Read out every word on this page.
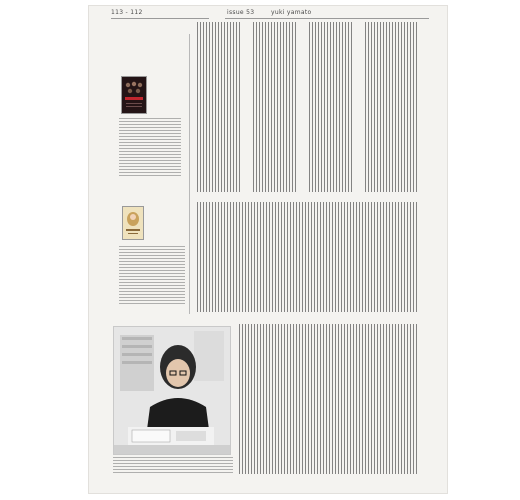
113 - 112	issue 53	yuki yamato
